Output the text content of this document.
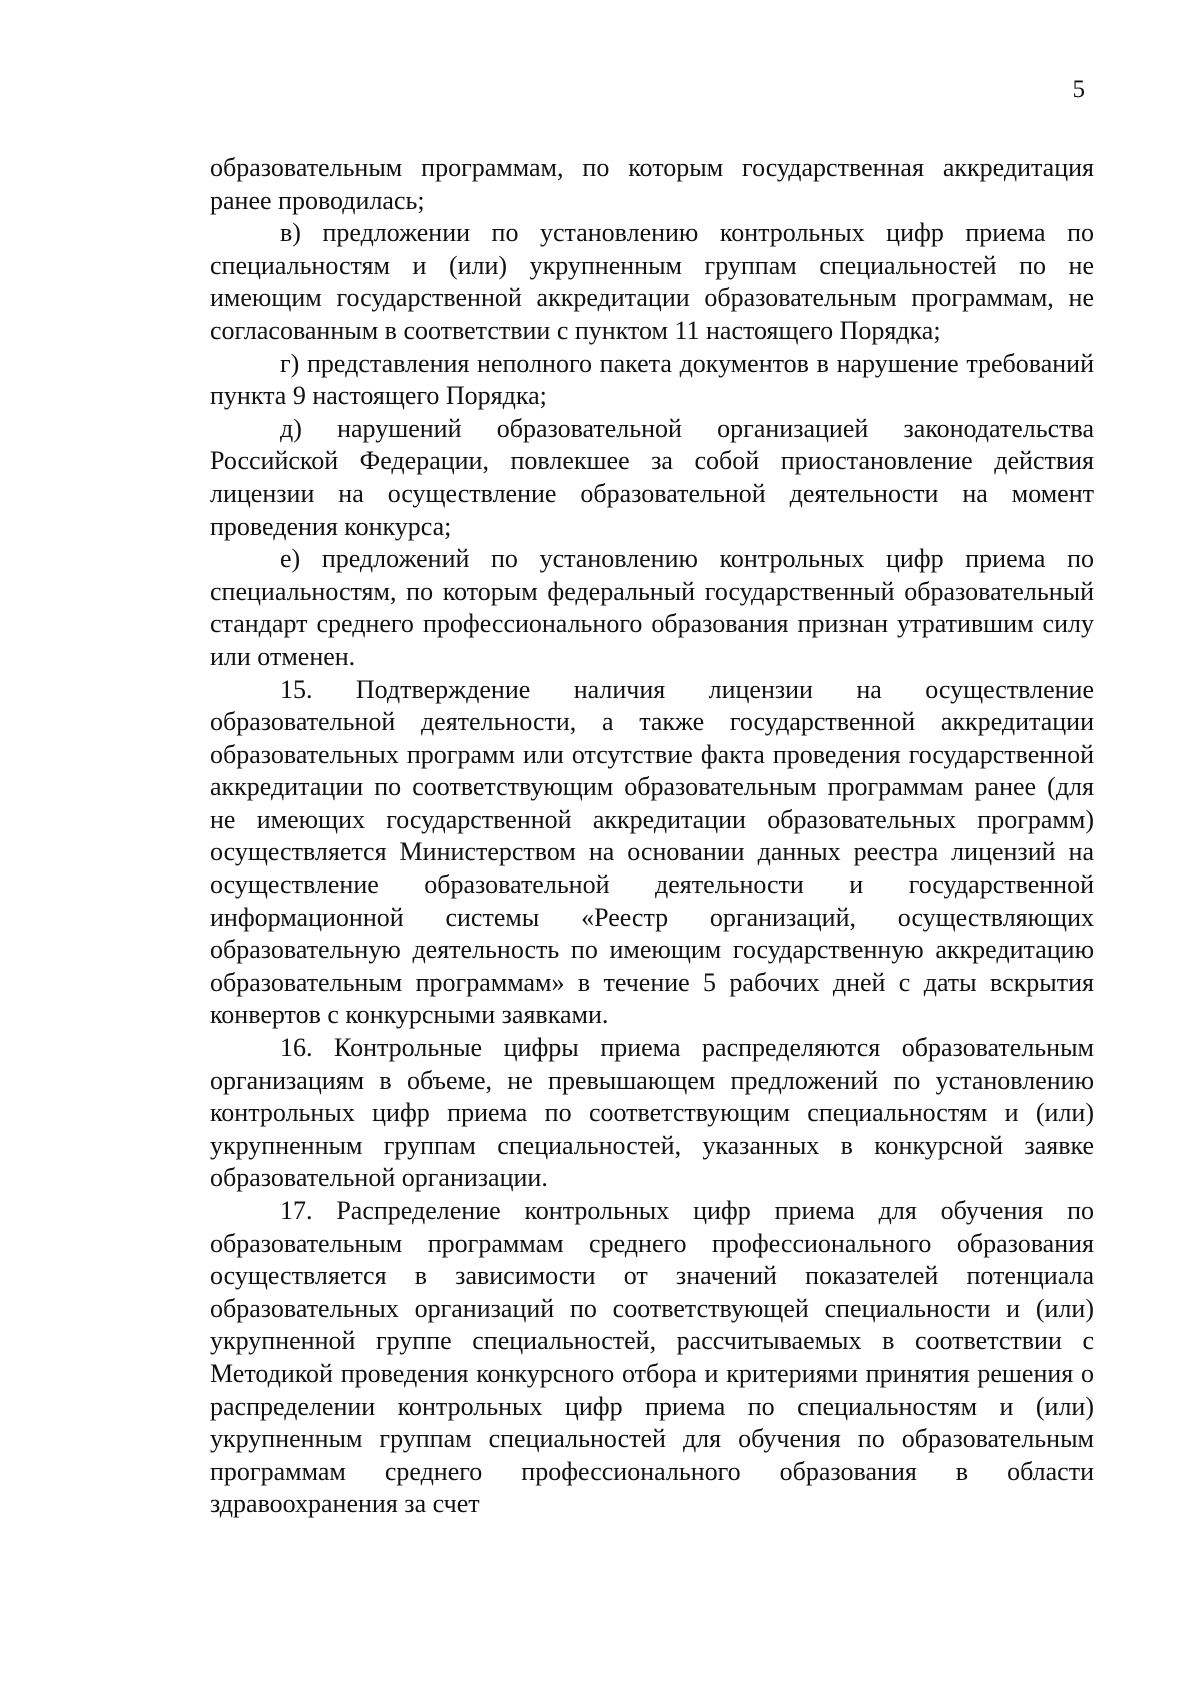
5

образовательным программам, по которым государственная аккредитация ранее проводилась;

в) предложении по установлению контрольных цифр приема по специальностям и (или) укрупненным группам специальностей по не имеющим государственной аккредитации образовательным программам, не согласованным в соответствии с пунктом 11 настоящего Порядка;

г) представления неполного пакета документов в нарушение требований пункта 9 настоящего Порядка;

д) нарушений образовательной организацией законодательства Российской Федерации, повлекшее за собой приостановление действия лицензии на осуществление образовательной деятельности на момент проведения конкурса;

е) предложений по установлению контрольных цифр приема по специальностям, по которым федеральный государственный образовательный стандарт среднего профессионального образования признан утратившим силу или отменен.

15. Подтверждение наличия лицензии на осуществление образовательной деятельности, а также государственной аккредитации образовательных программ или отсутствие факта проведения государственной аккредитации по соответствующим образовательным программам ранее (для не имеющих государственной аккредитации образовательных программ) осуществляется Министерством на основании данных реестра лицензий на осуществление образовательной деятельности и государственной информационной системы «Реестр организаций, осуществляющих образовательную деятельность по имеющим государственную аккредитацию образовательным программам» в течение 5 рабочих дней с даты вскрытия конвертов с конкурсными заявками.

16. Контрольные цифры приема распределяются образовательным организациям в объеме, не превышающем предложений по установлению контрольных цифр приема по соответствующим специальностям и (или) укрупненным группам специальностей, указанных в конкурсной заявке образовательной организации.

17. Распределение контрольных цифр приема для обучения по образовательным программам среднего профессионального образования осуществляется в зависимости от значений показателей потенциала образовательных организаций по соответствующей специальности и (или) укрупненной группе специальностей, рассчитываемых в соответствии с Методикой проведения конкурсного отбора и критериями принятия решения о распределении контрольных цифр приема по специальностям и (или) укрупненным группам специальностей для обучения по образовательным программам среднего профессионального образования в области здравоохранения за счет
